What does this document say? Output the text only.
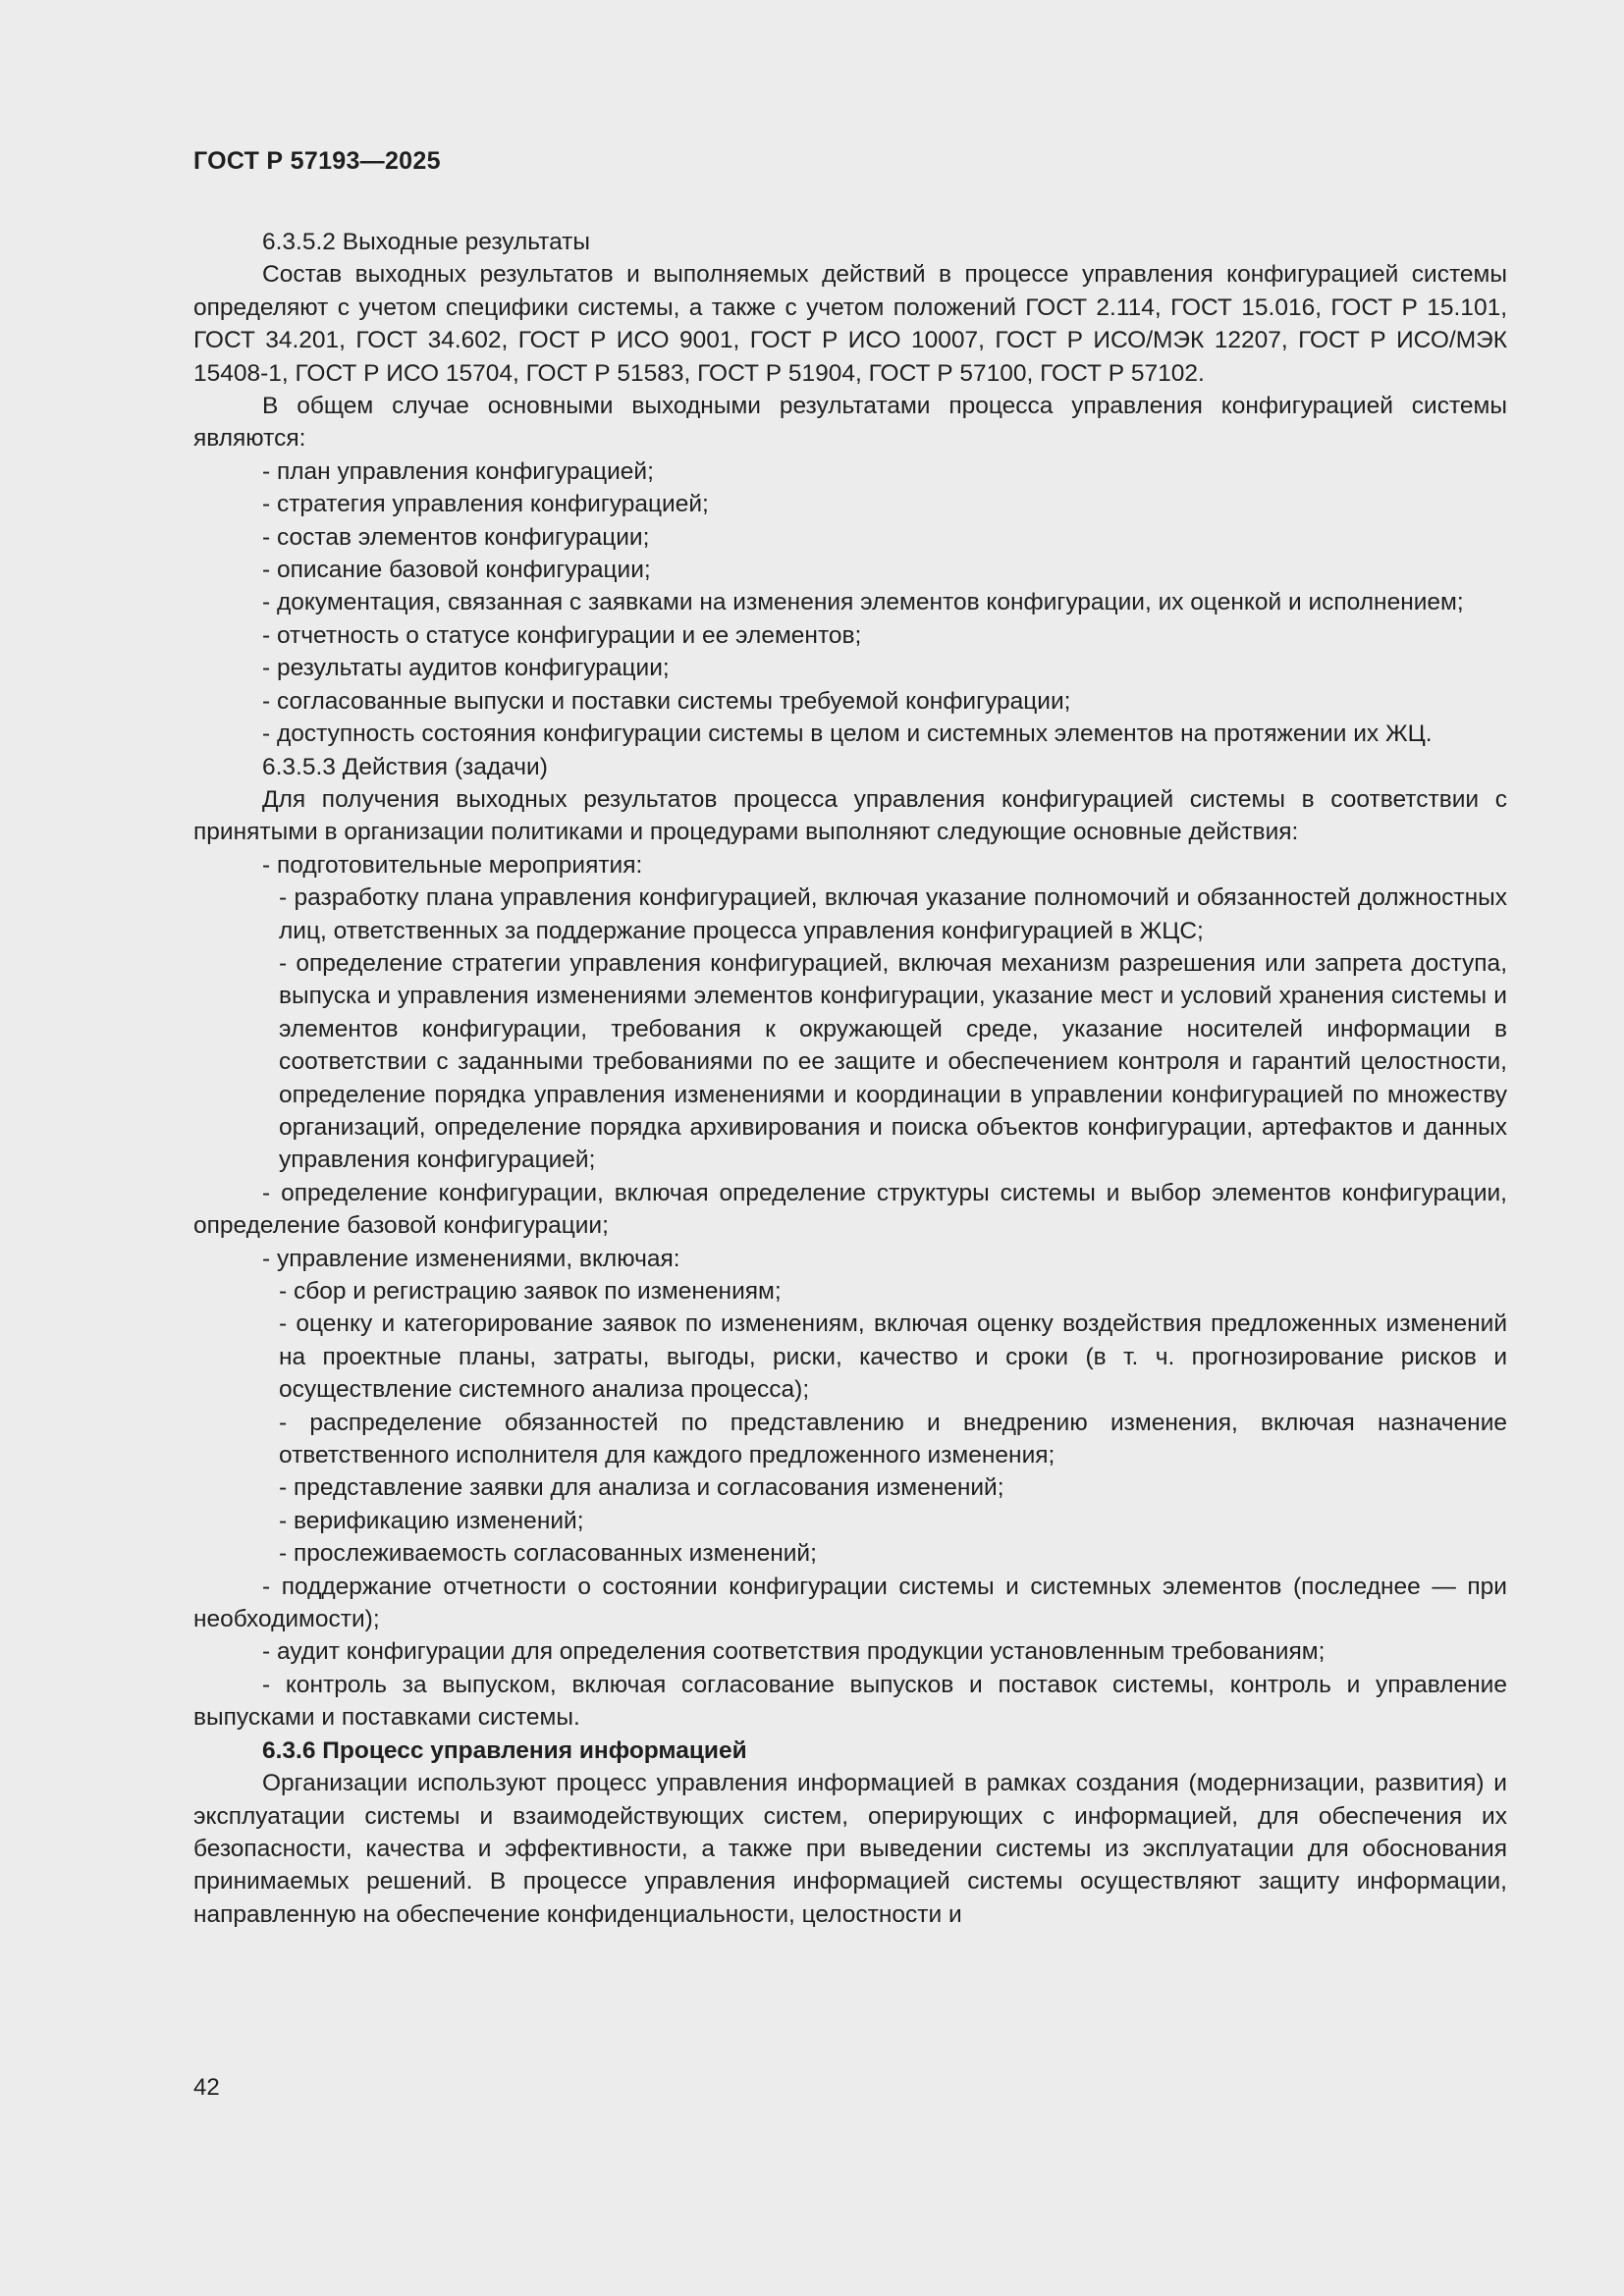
ГОСТ Р 57193—2025

6.3.5.2 Выходные результаты

Состав выходных результатов и выполняемых действий в процессе управления конфигурацией системы определяют с учетом специфики системы, а также с учетом положений ГОСТ 2.114, ГОСТ 15.016, ГОСТ Р 15.101, ГОСТ 34.201, ГОСТ 34.602, ГОСТ Р ИСО 9001, ГОСТ Р ИСО 10007, ГОСТ Р ИСО/МЭК 12207, ГОСТ Р ИСО/МЭК 15408-1, ГОСТ Р ИСО 15704, ГОСТ Р 51583, ГОСТ Р 51904, ГОСТ Р 57100, ГОСТ Р 57102.

В общем случае основными выходными результатами процесса управления конфигурацией системы являются:

- план управления конфигурацией;

- стратегия управления конфигурацией;

- состав элементов конфигурации;

- описание базовой конфигурации;

- документация, связанная с заявками на изменения элементов конфигурации, их оценкой и исполнением;

- отчетность о статусе конфигурации и ее элементов;

- результаты аудитов конфигурации;

- согласованные выпуски и поставки системы требуемой конфигурации;

- доступность состояния конфигурации системы в целом и системных элементов на протяжении их ЖЦ.

6.3.5.3 Действия (задачи)

Для получения выходных результатов процесса управления конфигурацией системы в соответствии с принятыми в организации политиками и процедурами выполняют следующие основные действия:

- подготовительные мероприятия:

- разработку плана управления конфигурацией, включая указание полномочий и обязанностей должностных лиц, ответственных за поддержание процесса управления конфигурацией в ЖЦС;

- определение стратегии управления конфигурацией, включая механизм разрешения или запрета доступа, выпуска и управления изменениями элементов конфигурации, указание мест и условий хранения системы и элементов конфигурации, требования к окружающей среде, указание носителей информации в соответствии с заданными требованиями по ее защите и обеспечением контроля и гарантий целостности, определение порядка управления изменениями и координации в управлении конфигурацией по множеству организаций, определение порядка архивирования и поиска объектов конфигурации, артефактов и данных управления конфигурацией;

- определение конфигурации, включая определение структуры системы и выбор элементов конфигурации, определение базовой конфигурации;

- управление изменениями, включая:

- сбор и регистрацию заявок по изменениям;

- оценку и категорирование заявок по изменениям, включая оценку воздействия предложенных изменений на проектные планы, затраты, выгоды, риски, качество и сроки (в т. ч. прогнозирование рисков и осуществление системного анализа процесса);

- распределение обязанностей по представлению и внедрению изменения, включая назначение ответственного исполнителя для каждого предложенного изменения;

- представление заявки для анализа и согласования изменений;

- верификацию изменений;

- прослеживаемость согласованных изменений;

- поддержание отчетности о состоянии конфигурации системы и системных элементов (последнее — при необходимости);

- аудит конфигурации для определения соответствия продукции установленным требованиям;

- контроль за выпуском, включая согласование выпусков и поставок системы, контроль и управление выпусками и поставками системы.

6.3.6 Процесс управления информацией

Организации используют процесс управления информацией в рамках создания (модернизации, развития) и эксплуатации системы и взаимодействующих систем, оперирующих с информацией, для обеспечения их безопасности, качества и эффективности, а также при выведении системы из эксплуатации для обоснования принимаемых решений. В процессе управления информацией системы осуществляют защиту информации, направленную на обеспечение конфиденциальности, целостности и

42
